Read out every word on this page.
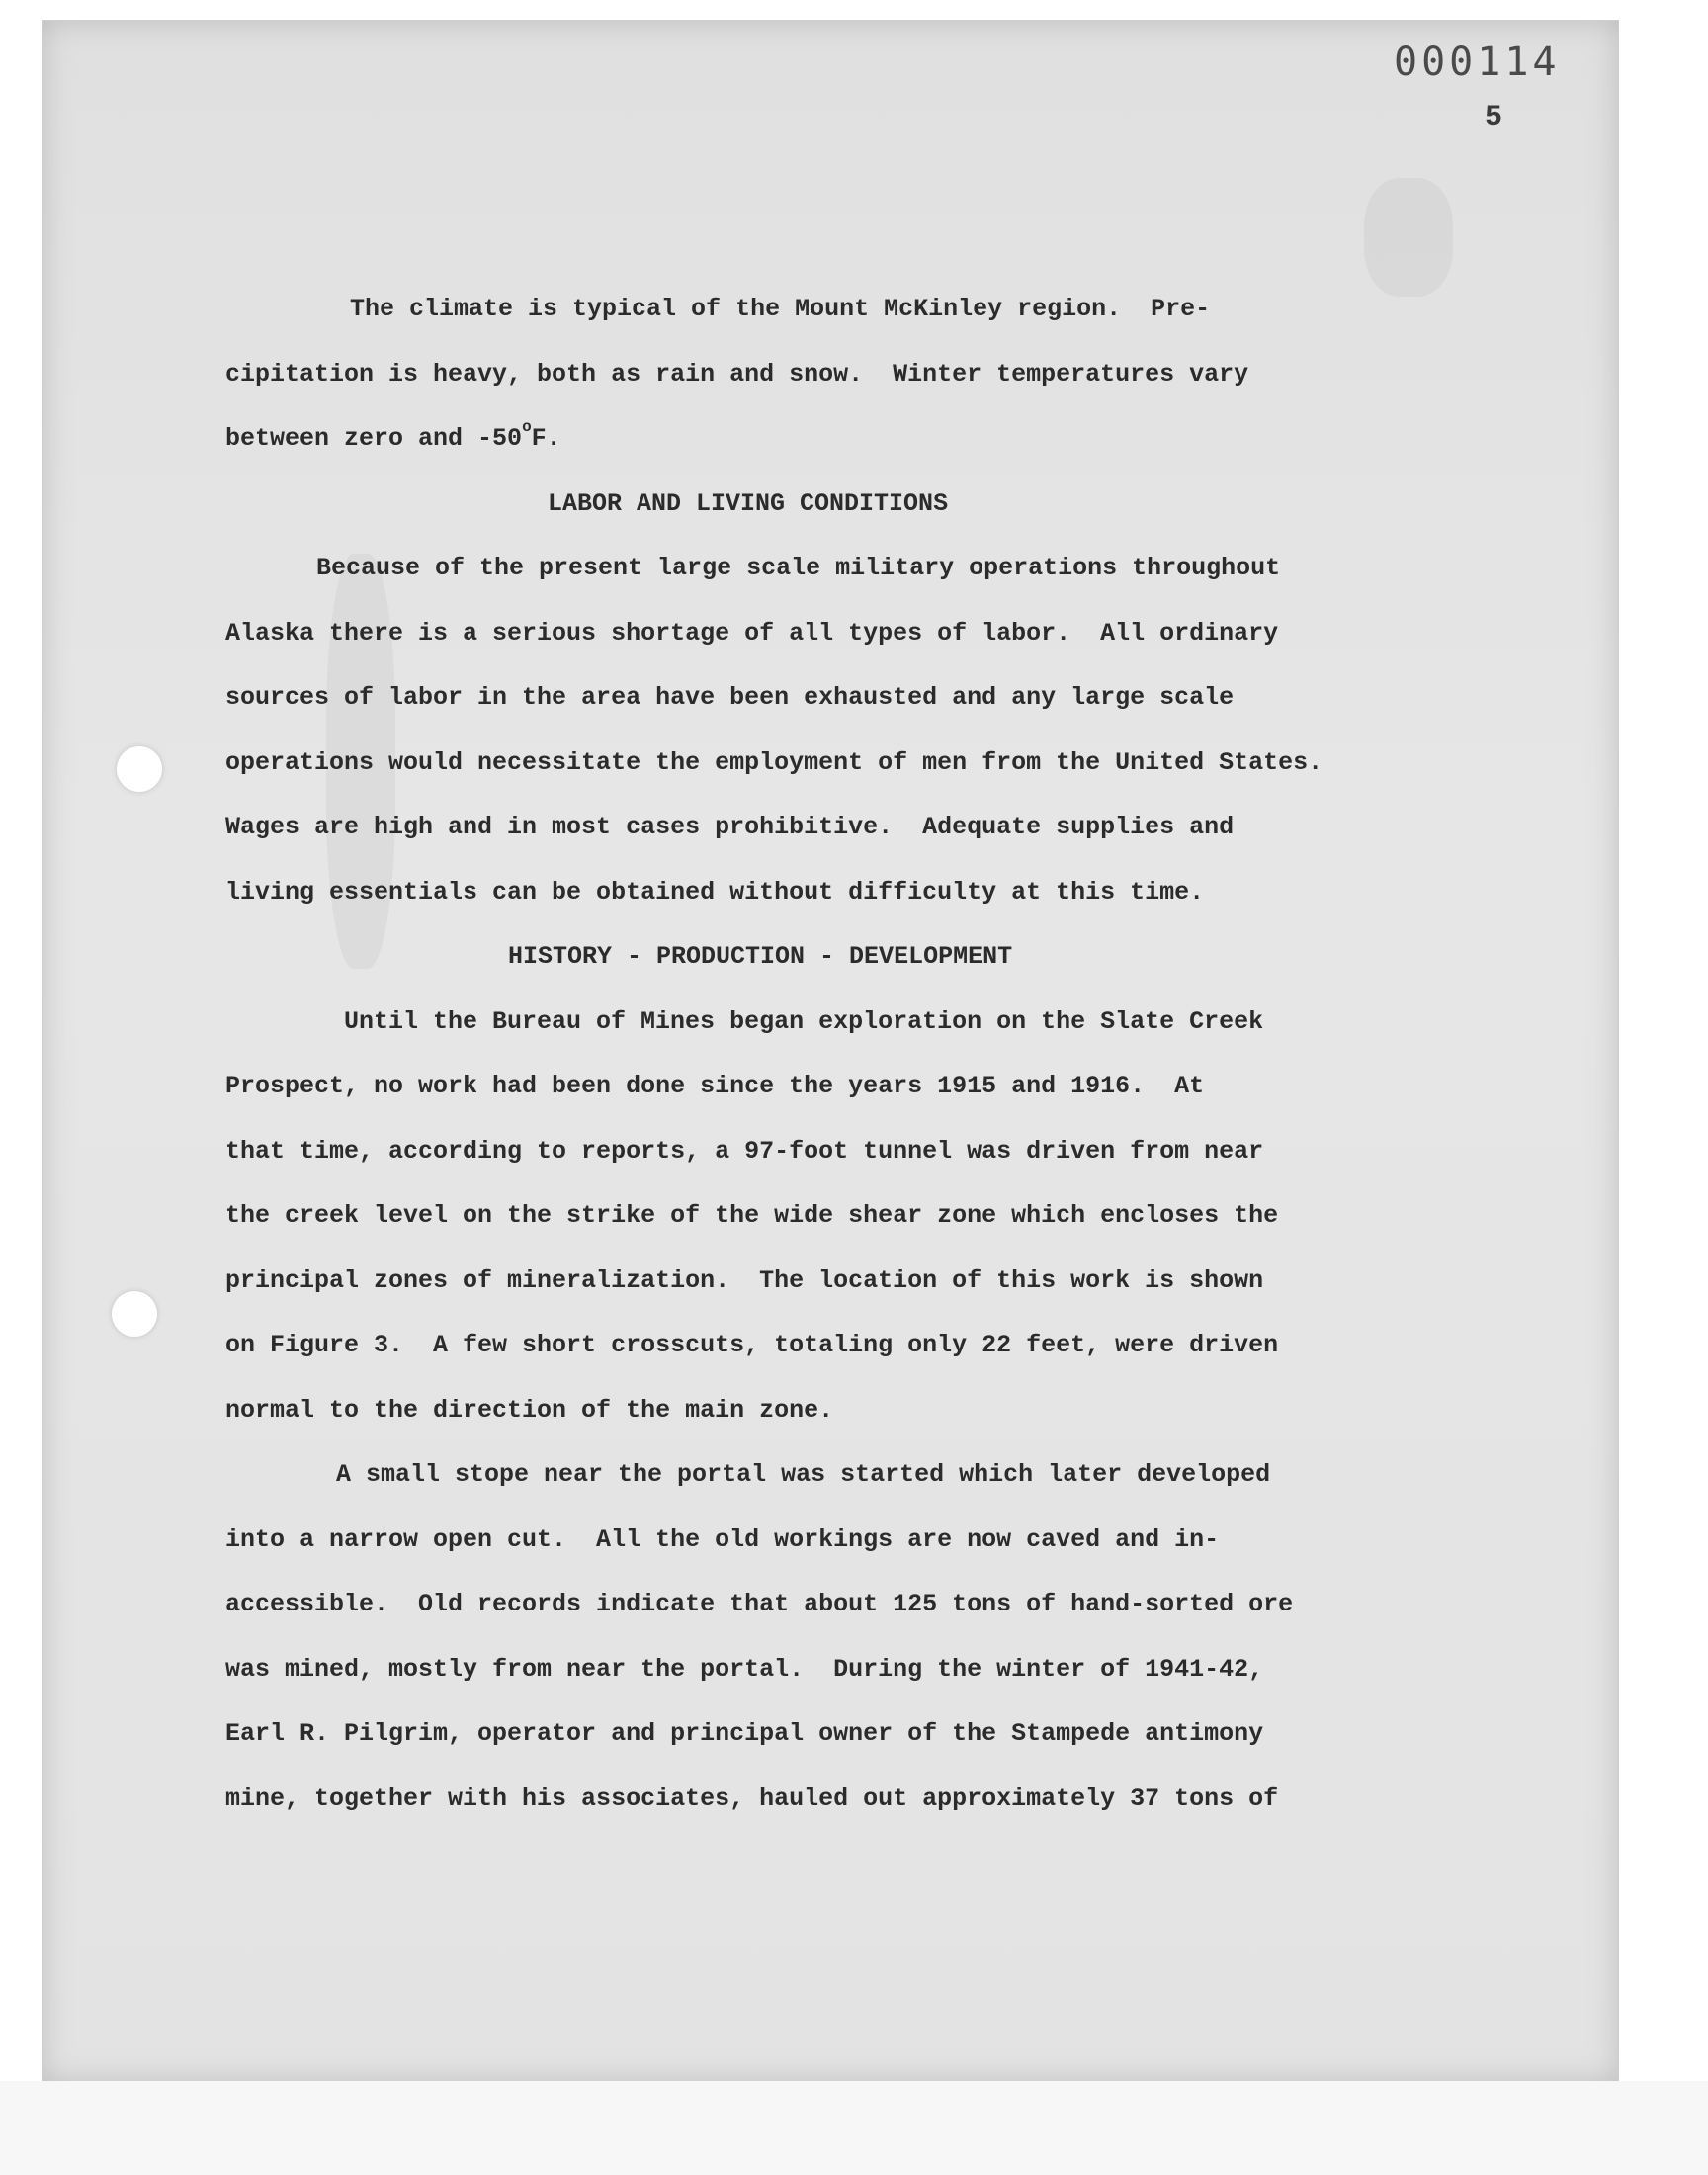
000114
5
The climate is typical of the Mount McKinley region.  Pre-
cipitation is heavy, both as rain and snow.  Winter temperatures vary
between zero and -50$^o$F.
LABOR AND LIVING CONDITIONS
Because of the present large scale military operations throughout
Alaska there is a serious shortage of all types of labor.  All ordinary
sources of labor in the area have been exhausted and any large scale
operations would necessitate the employment of men from the United States.
Wages are high and in most cases prohibitive.  Adequate supplies and
living essentials can be obtained without difficulty at this time.
HISTORY - PRODUCTION - DEVELOPMENT
Until the Bureau of Mines began exploration on the Slate Creek
Prospect, no work had been done since the years 1915 and 1916.  At
that time, according to reports, a 97-foot tunnel was driven from near
the creek level on the strike of the wide shear zone which encloses the
principal zones of mineralization.  The location of this work is shown
on Figure 3.  A few short crosscuts, totaling only 22 feet, were driven
normal to the direction of the main zone.
A small stope near the portal was started which later developed
into a narrow open cut.  All the old workings are now caved and in-
accessible.  Old records indicate that about 125 tons of hand-sorted ore
was mined, mostly from near the portal.  During the winter of 1941-42,
Earl R. Pilgrim, operator and principal owner of the Stampede antimony
mine, together with his associates, hauled out approximately 37 tons of
